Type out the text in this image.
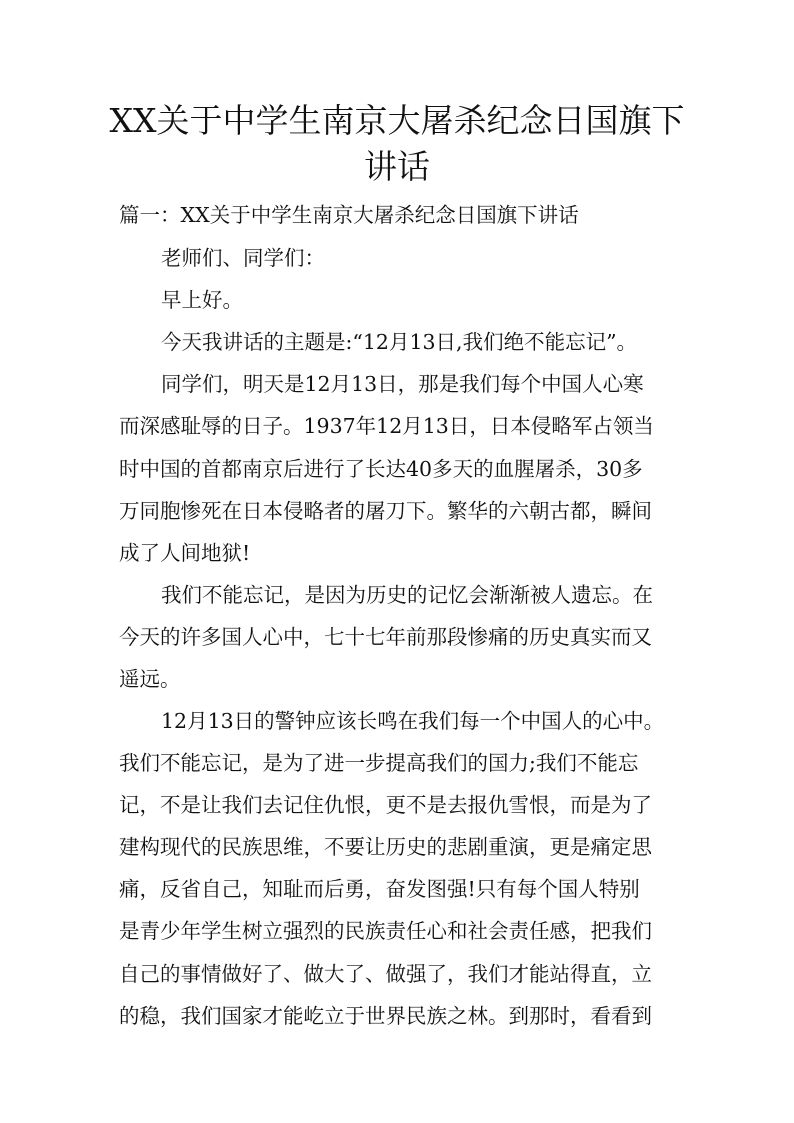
XX关于中学生南京大屠杀纪念日国旗下
讲话

篇一：XX关于中学生南京大屠杀纪念日国旗下讲话

老师们、同学们：

早上好。

今天我讲话的主题是:“12月13日,我们绝不能忘记”。

同学们，明天是12月13日，那是我们每个中国人心寒

而深感耻辱的日子。1937年12月13日，日本侵略军占领当

时中国的首都南京后进行了长达40多天的血腥屠杀，30多

万同胞惨死在日本侵略者的屠刀下。繁华的六朝古都，瞬间

成了人间地狱!

我们不能忘记，是因为历史的记忆会渐渐被人遗忘。在

今天的许多国人心中，七十七年前那段惨痛的历史真实而又

遥远。

12月13日的警钟应该长鸣在我们每一个中国人的心中。

我们不能忘记，是为了进一步提高我们的国力;我们不能忘

记，不是让我们去记住仇恨，更不是去报仇雪恨，而是为了

建构现代的民族思维，不要让历史的悲剧重演，更是痛定思

痛，反省自己，知耻而后勇，奋发图强!只有每个国人特别

是青少年学生树立强烈的民族责任心和社会责任感，把我们

自己的事情做好了、做大了、做强了，我们才能站得直，立

的稳，我们国家才能屹立于世界民族之林。到那时，看看到
